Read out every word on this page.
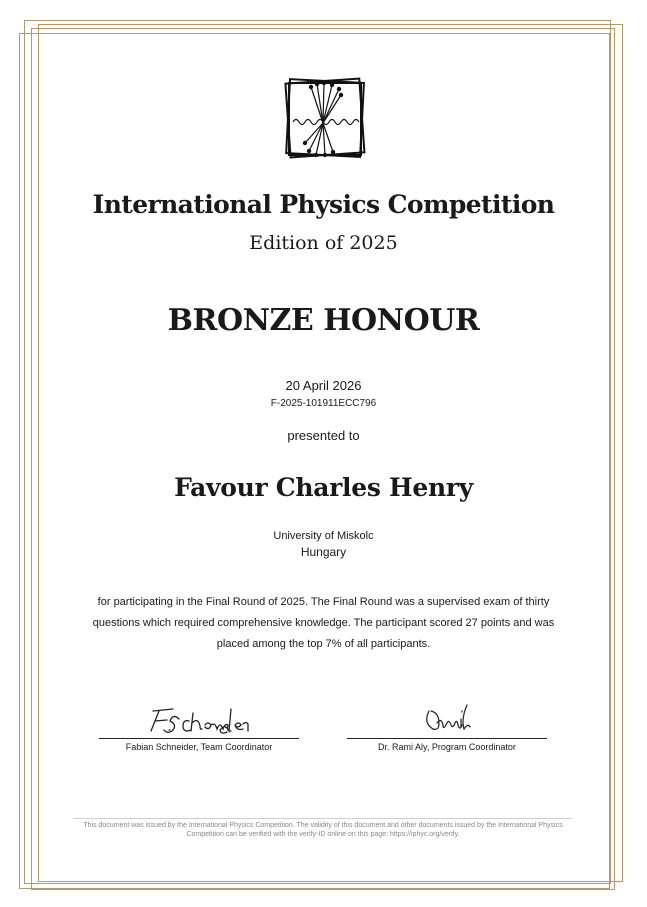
International Physics Competition
Edition of 2025
BRONZE HONOUR
20 April 2026
F-2025-101911ECC796
presented to
Favour Charles Henry
University of Miskolc
Hungary

for participating in the Final Round of 2025. The Final Round was a supervised exam of thirty questions which required comprehensive knowledge. The participant scored 27 points and was placed among the top 7% of all participants.

Fabian Schneider, Team Coordinator	Dr. Rami Aly, Program Coordinator

This document was issued by the International Physics Competition. The validity of this document and other documents issued by the International Physics Competition can be verified with the verify-ID online on this page: https://iphyc.org/verify.
